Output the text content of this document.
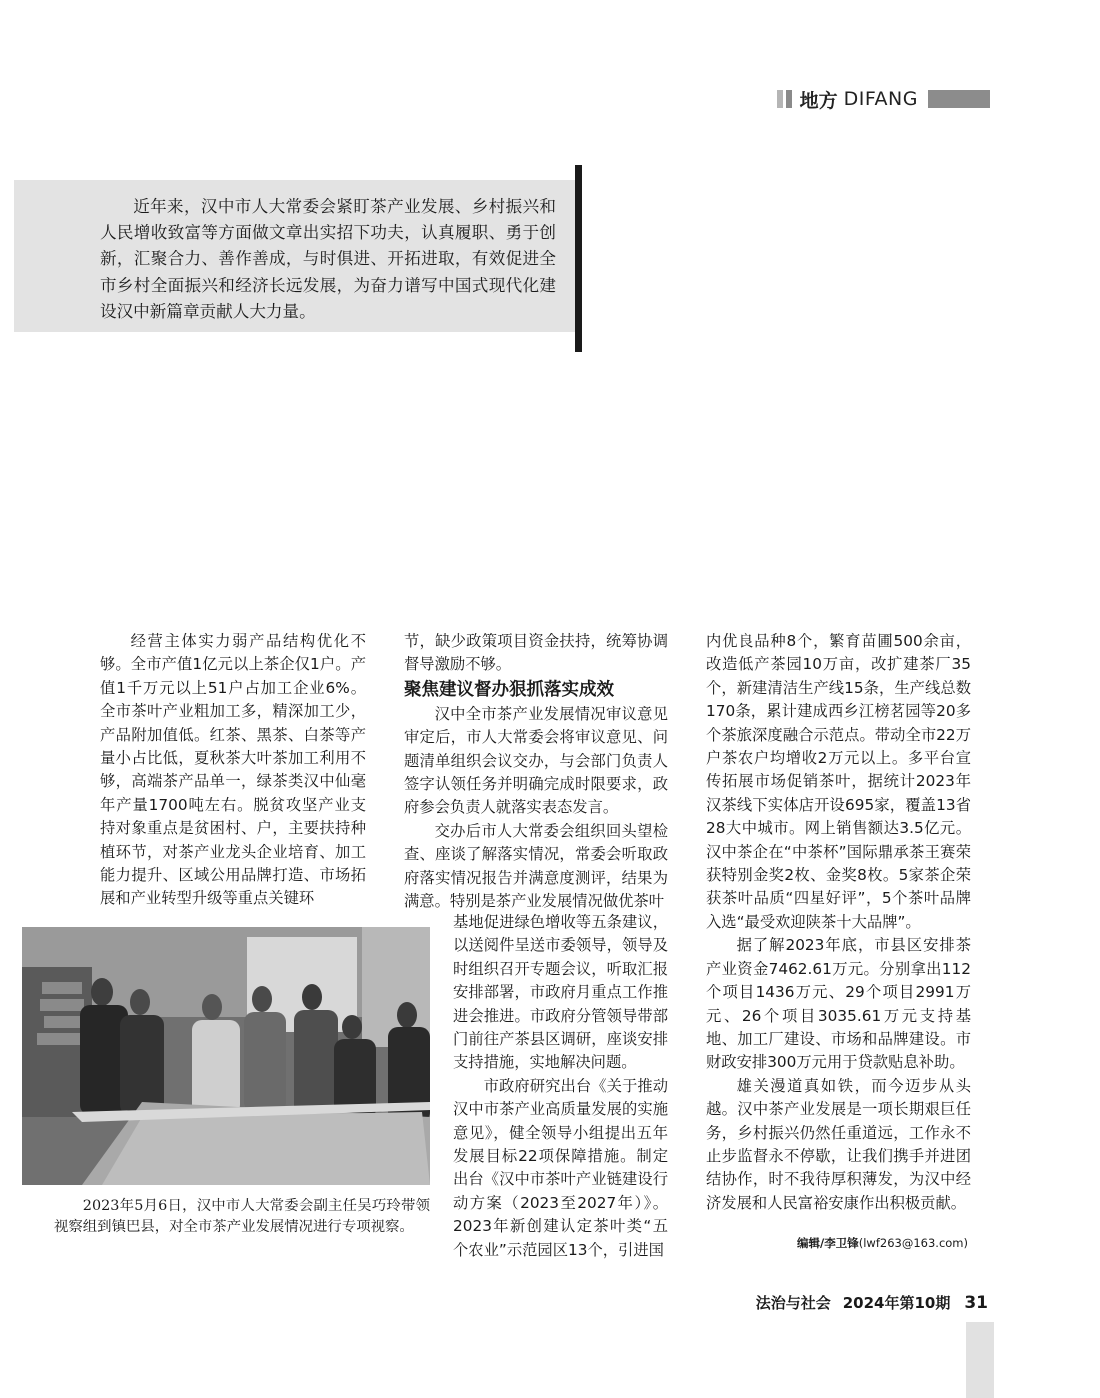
地方 DIFANG

近年来，汉中市人大常委会紧盯茶产业发展、乡村振兴和人民增收致富等方面做文章出实招下功夫，认真履职、勇于创新，汇聚合力、善作善成，与时俱进、开拓进取，有效促进全市乡村全面振兴和经济长远发展，为奋力谱写中国式现代化建设汉中新篇章贡献人大力量。

经营主体实力弱产品结构优化不够。全市产值1亿元以上茶企仅1户。产值1千万元以上51户占加工企业6%。全市茶叶产业粗加工多，精深加工少，产品附加值低。红茶、黑茶、白茶等产量小占比低，夏秋茶大叶茶加工利用不够，高端茶产品单一，绿茶类汉中仙毫年产量1700吨左右。脱贫攻坚产业支持对象重点是贫困村、户，主要扶持种植环节，对茶产业龙头企业培育、加工能力提升、区域公用品牌打造、市场拓展和产业转型升级等重点关键环

节，缺少政策项目资金扶持，统筹协调督导激励不够。

聚焦建议督办狠抓落实成效

汉中全市茶产业发展情况审议意见审定后，市人大常委会将审议意见、问题清单组织会议交办，与会部门负责人签字认领任务并明确完成时限要求，政府参会负责人就落实表态发言。

交办后市人大常委会组织回头望检查、座谈了解落实情况，常委会听取政府落实情况报告并满意度测评，结果为满意。特别是茶产业发展情况做优茶叶

基地促进绿色增收等五条建议，以送阅件呈送市委领导，领导及时组织召开专题会议，听取汇报安排部署，市政府月重点工作推进会推进。市政府分管领导带部门前往产茶县区调研，座谈安排支持措施，实地解决问题。

市政府研究出台《关于推动汉中市茶产业高质量发展的实施意见》，健全领导小组提出五年发展目标22项保障措施。制定出台《汉中市茶叶产业链建设行动方案（2023至2027年）》。2023年新创建认定茶叶类“五个农业”示范园区13个，引进国

内优良品种8个，繁育苗圃500余亩，改造低产茶园10万亩，改扩建茶厂35个，新建清洁生产线15条，生产线总数170条，累计建成西乡江榜茗园等20多个茶旅深度融合示范点。带动全市22万户茶农户均增收2万元以上。多平台宣传拓展市场促销茶叶，据统计2023年汉茶线下实体店开设695家，覆盖13省28大中城市。网上销售额达3.5亿元。汉中茶企在“中茶杯”国际鼎承茶王赛荣获特别金奖2枚、金奖8枚。5家茶企荣获茶叶品质“四星好评”，5个茶叶品牌入选“最受欢迎陕茶十大品牌”。

据了解2023年底，市县区安排茶产业资金7462.61万元。分别拿出112个项目1436万元、29个项目2991万元、26个项目3035.61万元支持基地、加工厂建设、市场和品牌建设。市财政安排300万元用于贷款贴息补助。

雄关漫道真如铁，而今迈步从头越。汉中茶产业发展是一项长期艰巨任务，乡村振兴仍然任重道远，工作永不止步监督永不停歇，让我们携手并进团结协作，时不我待厚积薄发，为汉中经济发展和人民富裕安康作出积极贡献。

2023年5月6日，汉中市人大常委会副主任吴巧玲带领视察组到镇巴县，对全市茶产业发展情况进行专项视察。

编辑/李卫锋(lwf263@163.com)
法治与社会 2024年第10期 31
